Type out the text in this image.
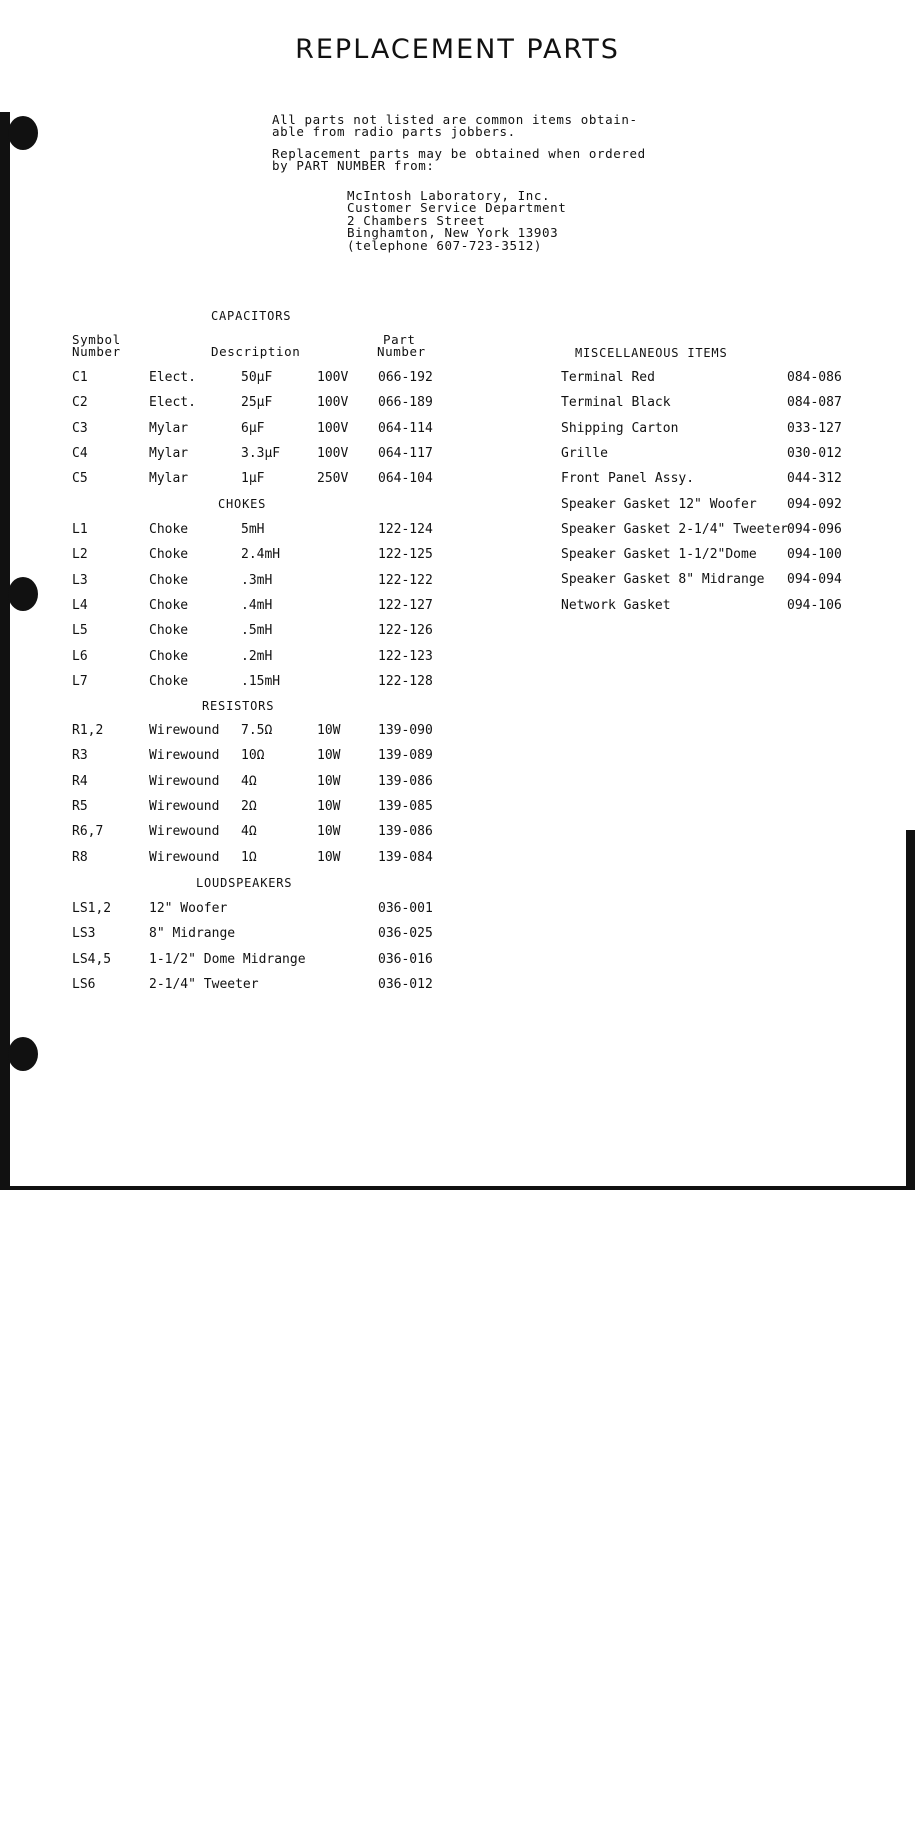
REPLACEMENT PARTS

All parts not listed are common items obtain-
able from radio parts jobbers.

Replacement parts may be obtained when ordered
by PART NUMBER from:

McIntosh Laboratory, Inc.
Customer Service Department
2 Chambers Street
Binghamton, New York 13903
(telephone 607-723-3512)
Symbol
Number	Description
Part
Number
CAPACITORS
CHOKES
RESISTORS
LOUDSPEAKERS
MISCELLANEOUS ITEMS
C1	Elect.	50µF	100V 066-192
C2	Elect.	25µF	100V 066-189
C3	Mylar	6µF	100V 064-114
C4	Mylar	3.3µF	100V 064-117
C5	Mylar	1µF	250V 064-104
L1	Choke	5mH	122-124
L2	Choke	2.4mH	122-125
L3	Choke	.3mH	122-122
L4	Choke	.4mH	122-127
L5	Choke	.5mH	122-126
L6	Choke	.2mH	122-123
L7	Choke	.15mH	122-128
R1,2	Wirewound 7.5Ω	10W	139-090
R3	Wirewound 10Ω	10W	139-089
R4	Wirewound 4Ω	10W	139-086
R5	Wirewound 2Ω	10W	139-085
R6,7	Wirewound 4Ω	10W	139-086
R8	Wirewound 1Ω	10W	139-084
LS1,2	12" Woofer	036-001
LS3	8" Midrange	036-025
LS4,5	1-1/2" Dome Midrange	036-016
LS6	2-1/4" Tweeter	036-012
Terminal Red	084-086
Terminal Black	084-087
Shipping Carton	033-127
Grille	030-012
Front Panel Assy.	044-312
Speaker Gasket 12" Woofer 094-092
Speaker Gasket 2-1/4" Tweeter 094-096
Speaker Gasket 1-1/2"Dome 094-100
Speaker Gasket 8" Midrange 094-094
Network Gasket	094-106
